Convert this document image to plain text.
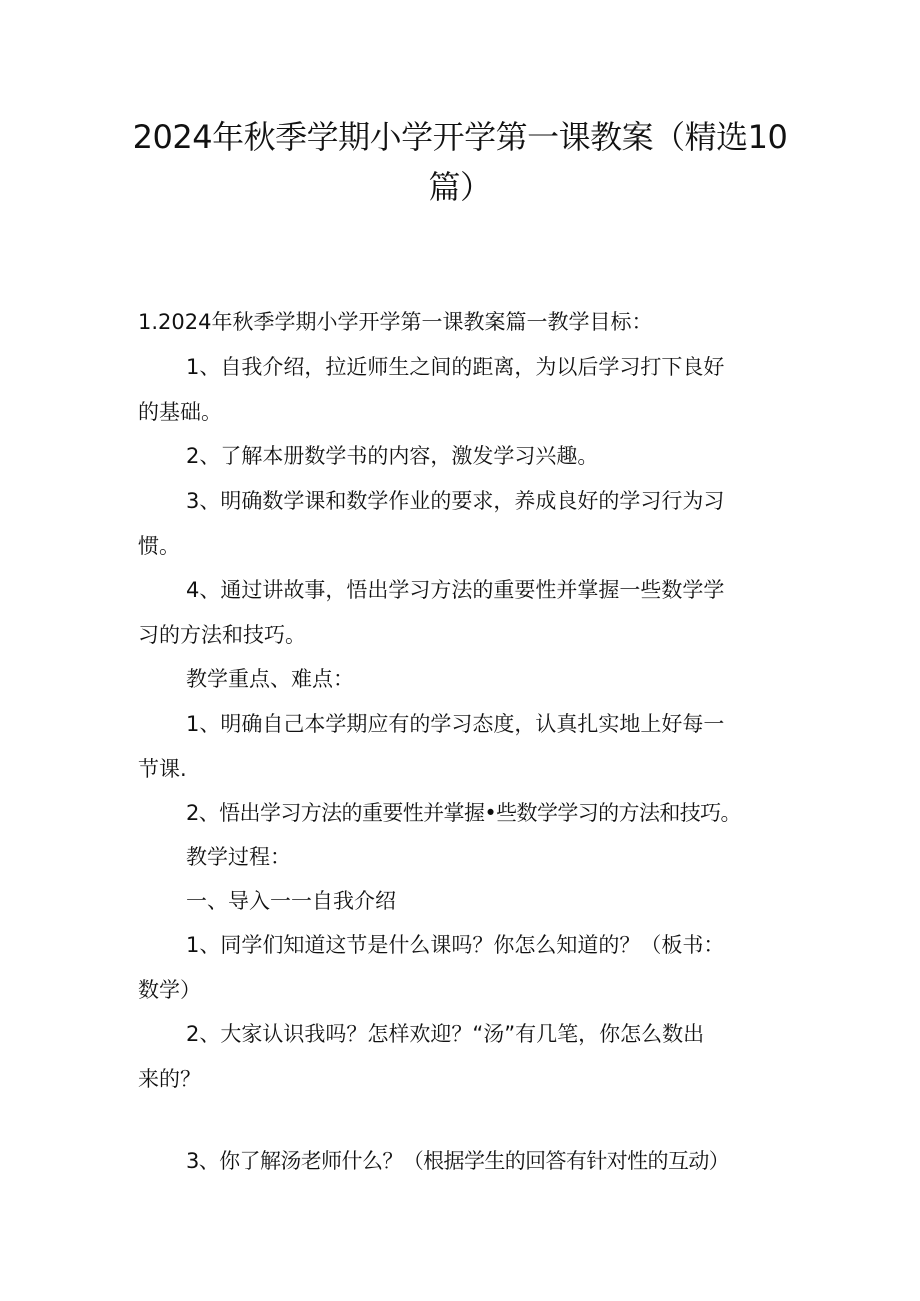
2024年秋季学期小学开学第一课教案（精选10
篇）
1.2024年秋季学期小学开学第一课教案篇一教学目标：
1、自我介绍，拉近师生之间的距离，为以后学习打下良好
的基础。
2、了解本册数学书的内容，激发学习兴趣。
3、明确数学课和数学作业的要求，养成良好的学习行为习
惯。
4、通过讲故事，悟出学习方法的重要性并掌握一些数学学
习的方法和技巧。
教学重点、难点：
1、明确自己本学期应有的学习态度，认真扎实地上好每一
节课.
2、悟出学习方法的重要性并掌握•些数学学习的方法和技巧。
教学过程：
一、导入一一自我介绍
1、同学们知道这节是什么课吗？你怎么知道的？（板书：
数学）
2、大家认识我吗？怎样欢迎？“汤”有几笔，你怎么数出
来的？
3、你了解汤老师什么？（根据学生的回答有针对性的互动）
